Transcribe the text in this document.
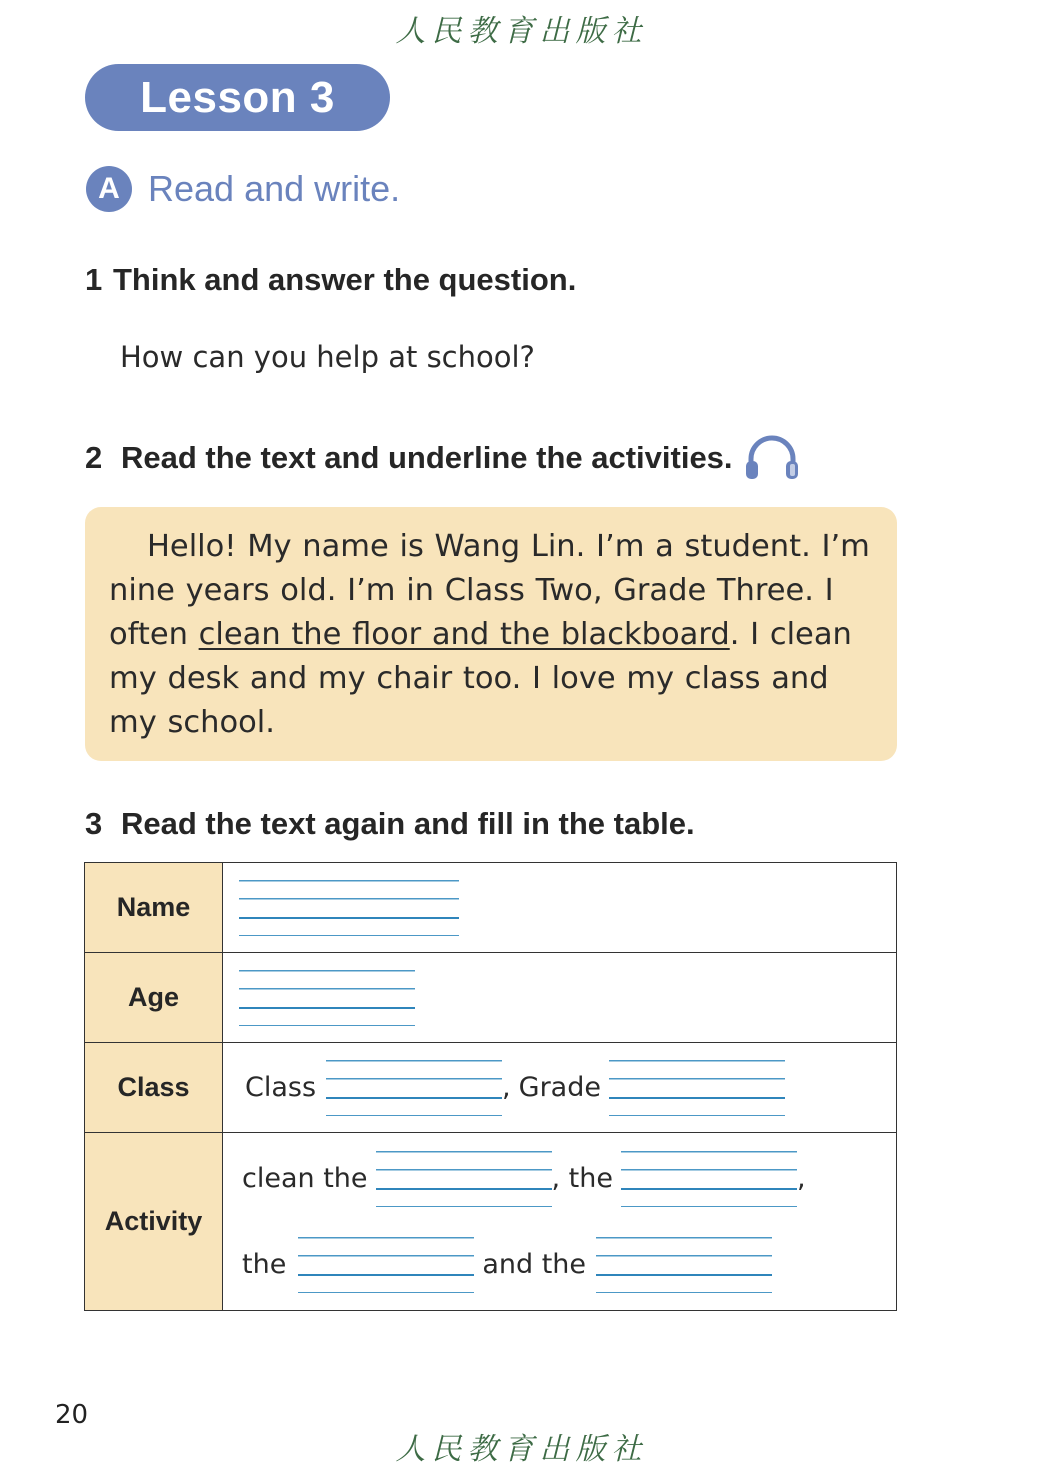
人民教育出版社
Lesson 3
A Read and write.
1 Think and answer the question.
How can you help at school?
2 Read the text and underline the activities.

Hello! My name is Wang Lin. I’m a student. I’m nine years old. I’m in Class Two, Grade Three. I often clean the floor and the blackboard. I clean my desk and my chair too. I love my class and my school.

3 Read the text again and fill in the table.
Name	

Age	

Class	Class , Grade

Activity	clean the , the ,
the and the
20
人民教育出版社
